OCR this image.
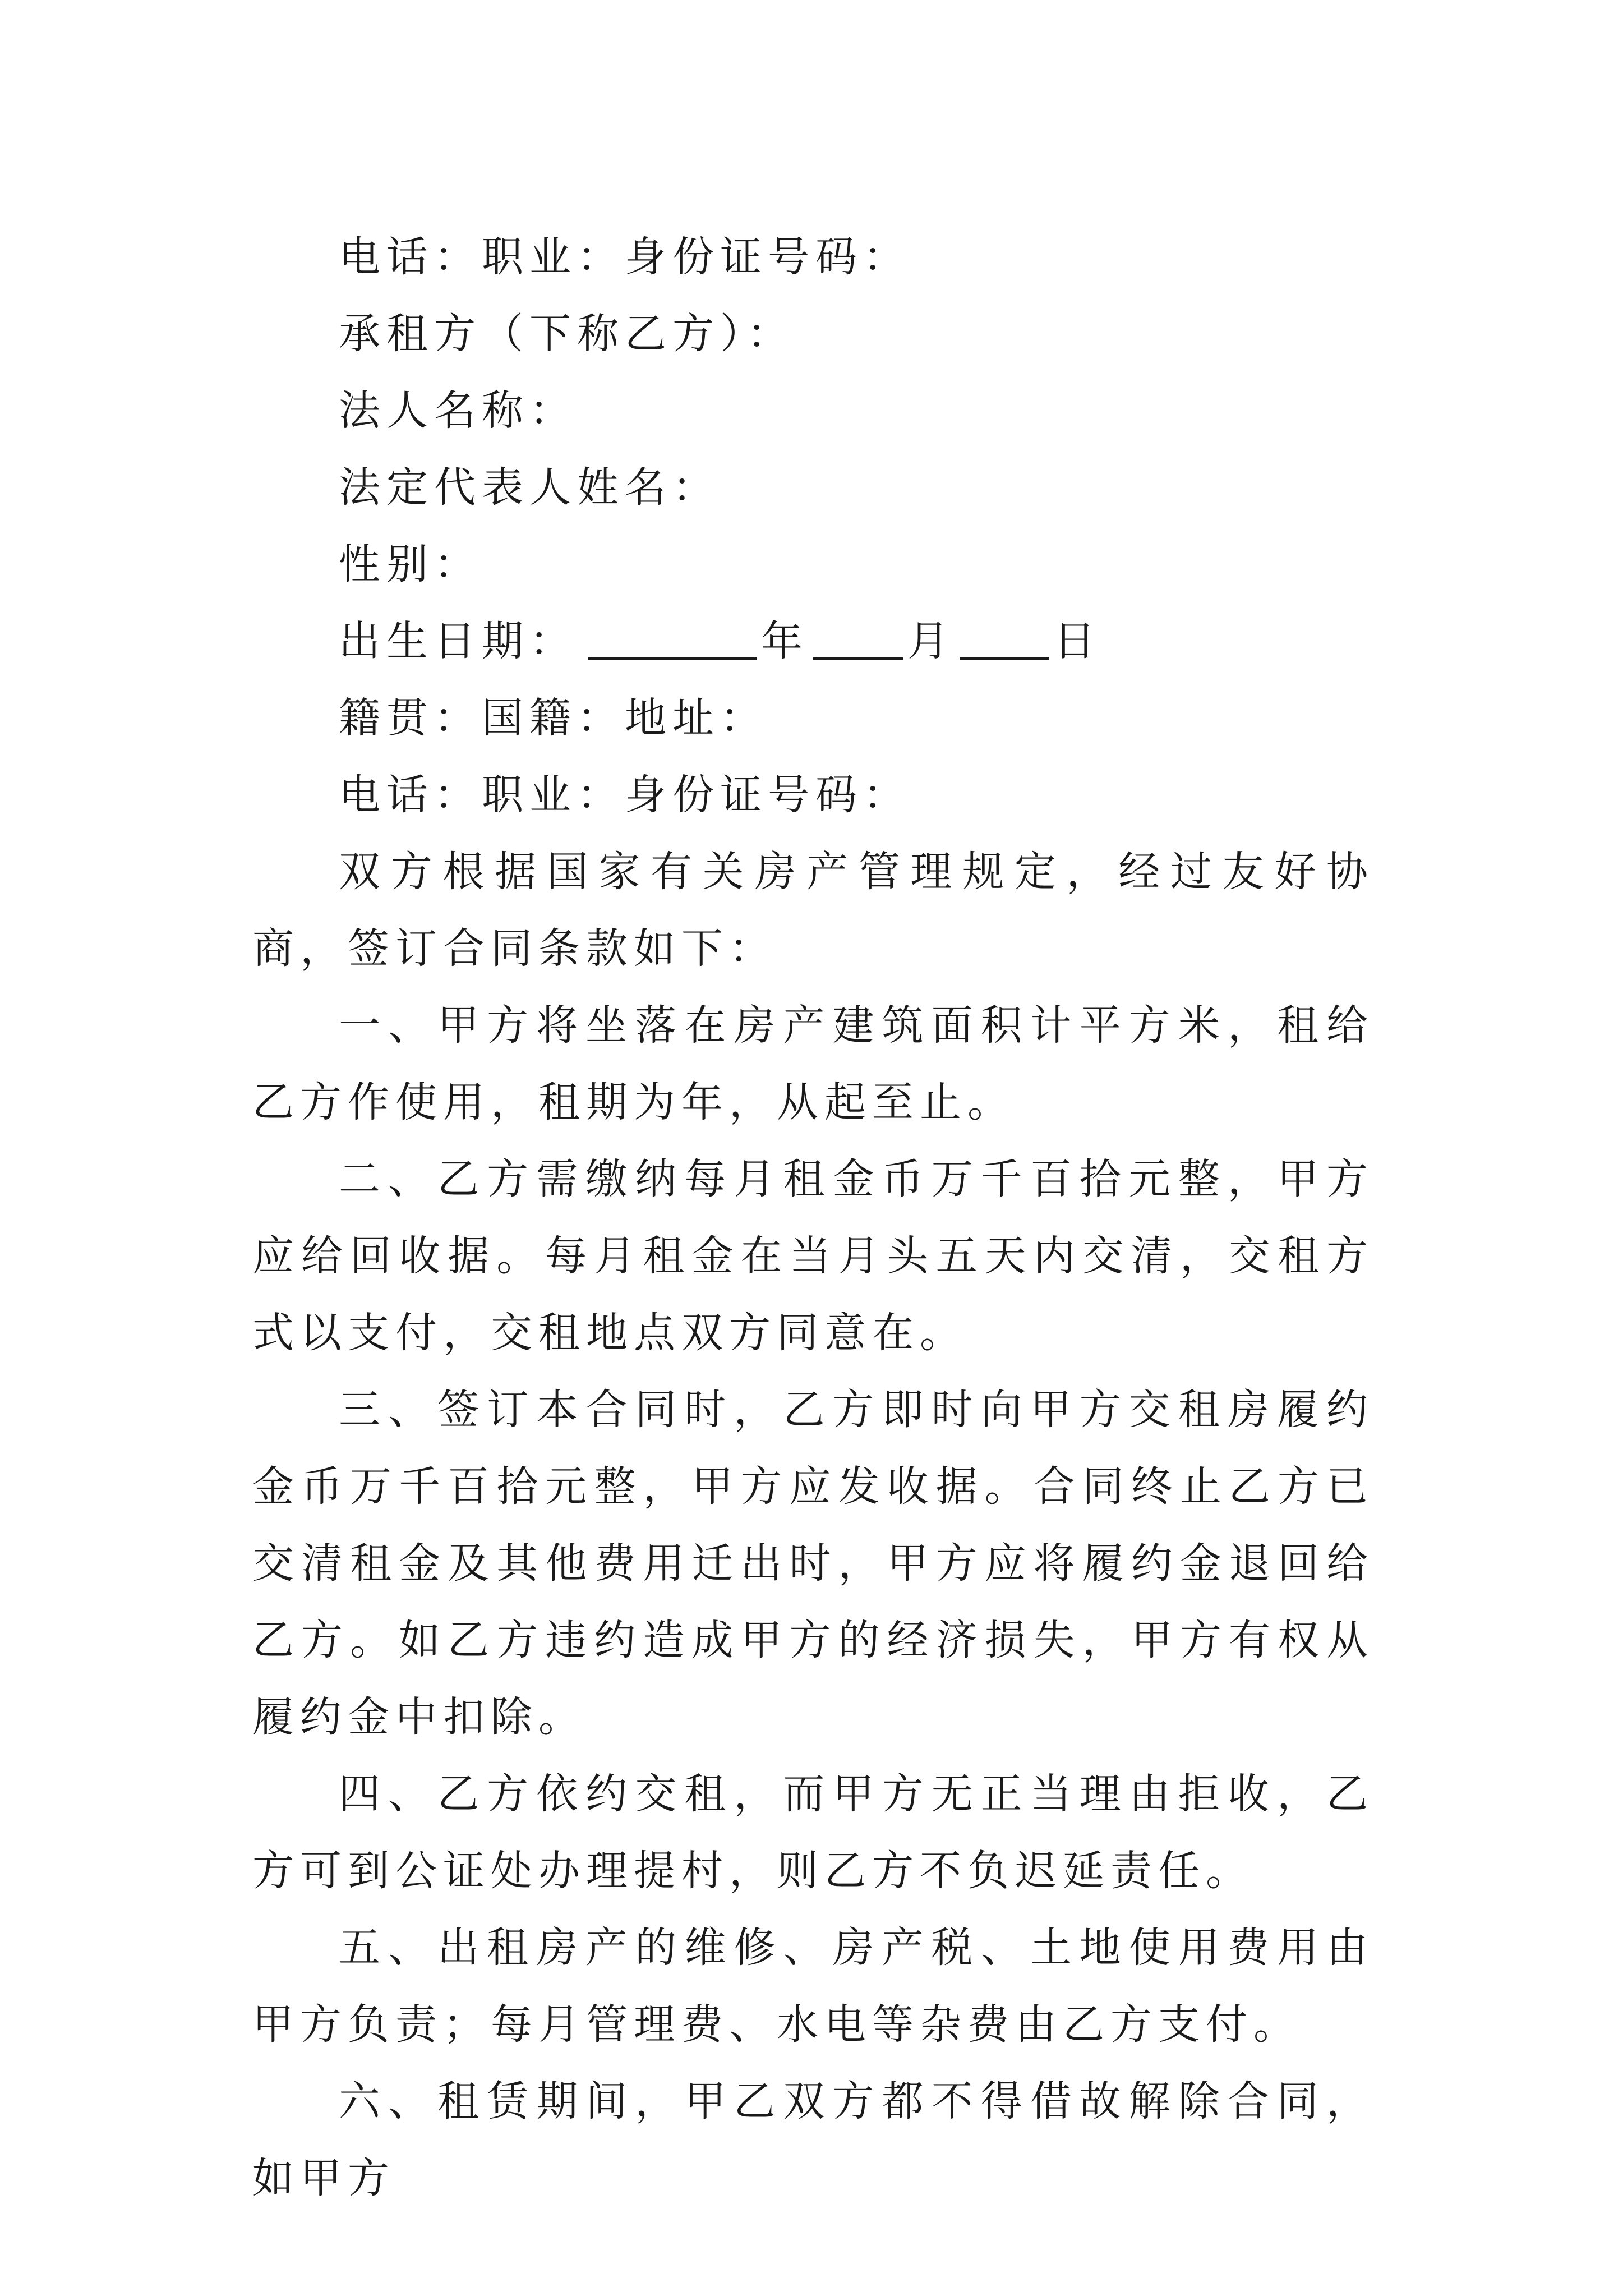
电话：职业：身份证号码：

承租方（下称乙方）：

法人名称：

法定代表人姓名：

性别：

出生日期：	年 月 日

籍贯：国籍：地址：

电话：职业：身份证号码：

双方根据国家有关房产管理规定，经过友好协商，签订合同条款如下：

一、甲方将坐落在房产建筑面积计平方米，租给乙方作使用，租期为年，从起至止。

二、乙方需缴纳每月租金币万千百拾元整，甲方应给回收据。每月租金在当月头五天内交清，交租方式以支付，交租地点双方同意在。

三、签订本合同时，乙方即时向甲方交租房履约金币万千百拾元整，甲方应发收据。合同终止乙方已交清租金及其他费用迁出时，甲方应将履约金退回给乙方。如乙方违约造成甲方的经济损失，甲方有权从履约金中扣除。

四、乙方依约交租，而甲方无正当理由拒收，乙方可到公证处办理提村，则乙方不负迟延责任。

五、出租房产的维修、房产税、土地使用费用由甲方负责；每月管理费、水电等杂费由乙方支付。

六、租赁期间，甲乙双方都不得借故解除合同，如甲方
